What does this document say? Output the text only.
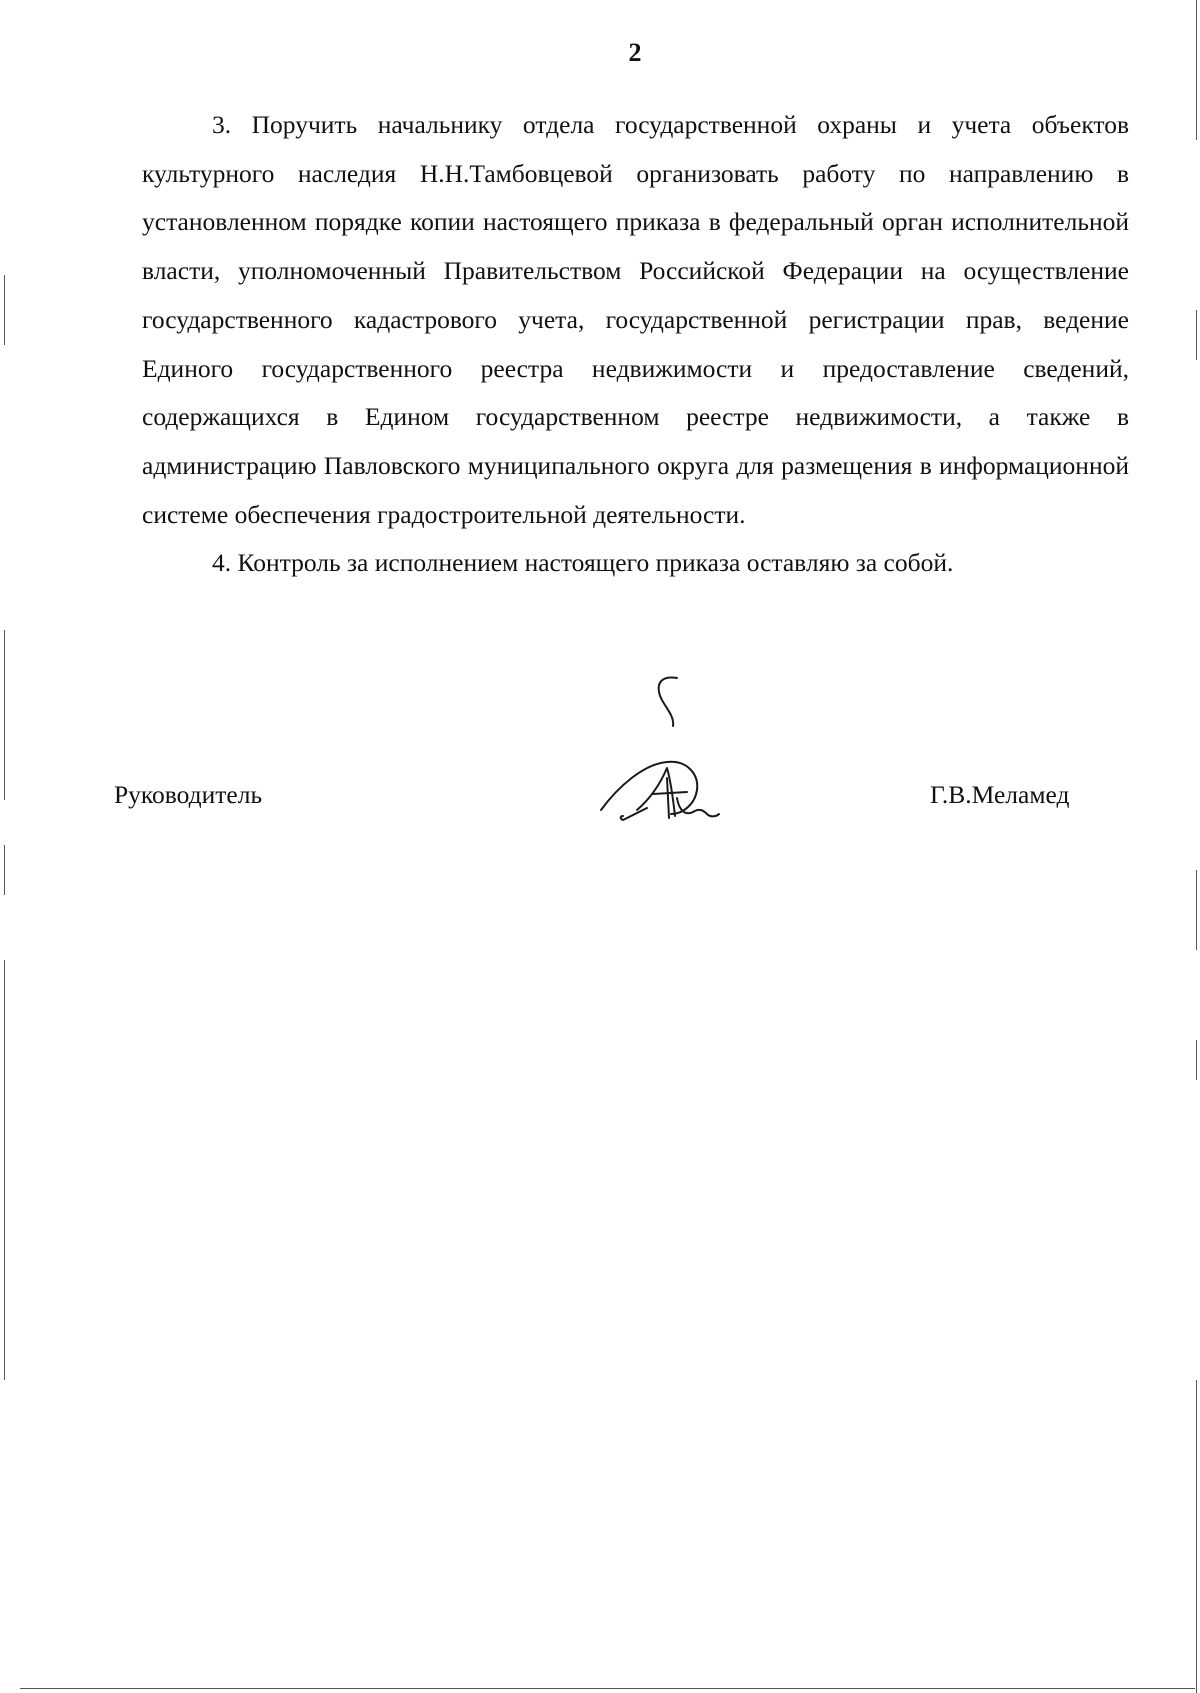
2

3. Поручить начальнику отдела государственной охраны и учета объектов культурного наследия Н.Н.Тамбовцевой организовать работу по направлению в установленном порядке копии настоящего приказа в федеральный орган исполнительной власти, уполномоченный Правительством Российской Федерации на осуществление государственного кадастрового учета, государственной регистрации прав, ведение Единого государственного реестра недвижимости и предоставление сведений, содержащихся в Едином государственном реестре недвижимости, а также в администрацию Павловского муниципального округа для размещения в информационной системе обеспечения градостроительной деятельности.

4. Контроль за исполнением настоящего приказа оставляю за собой.

Руководитель	Г.В.Меламед
